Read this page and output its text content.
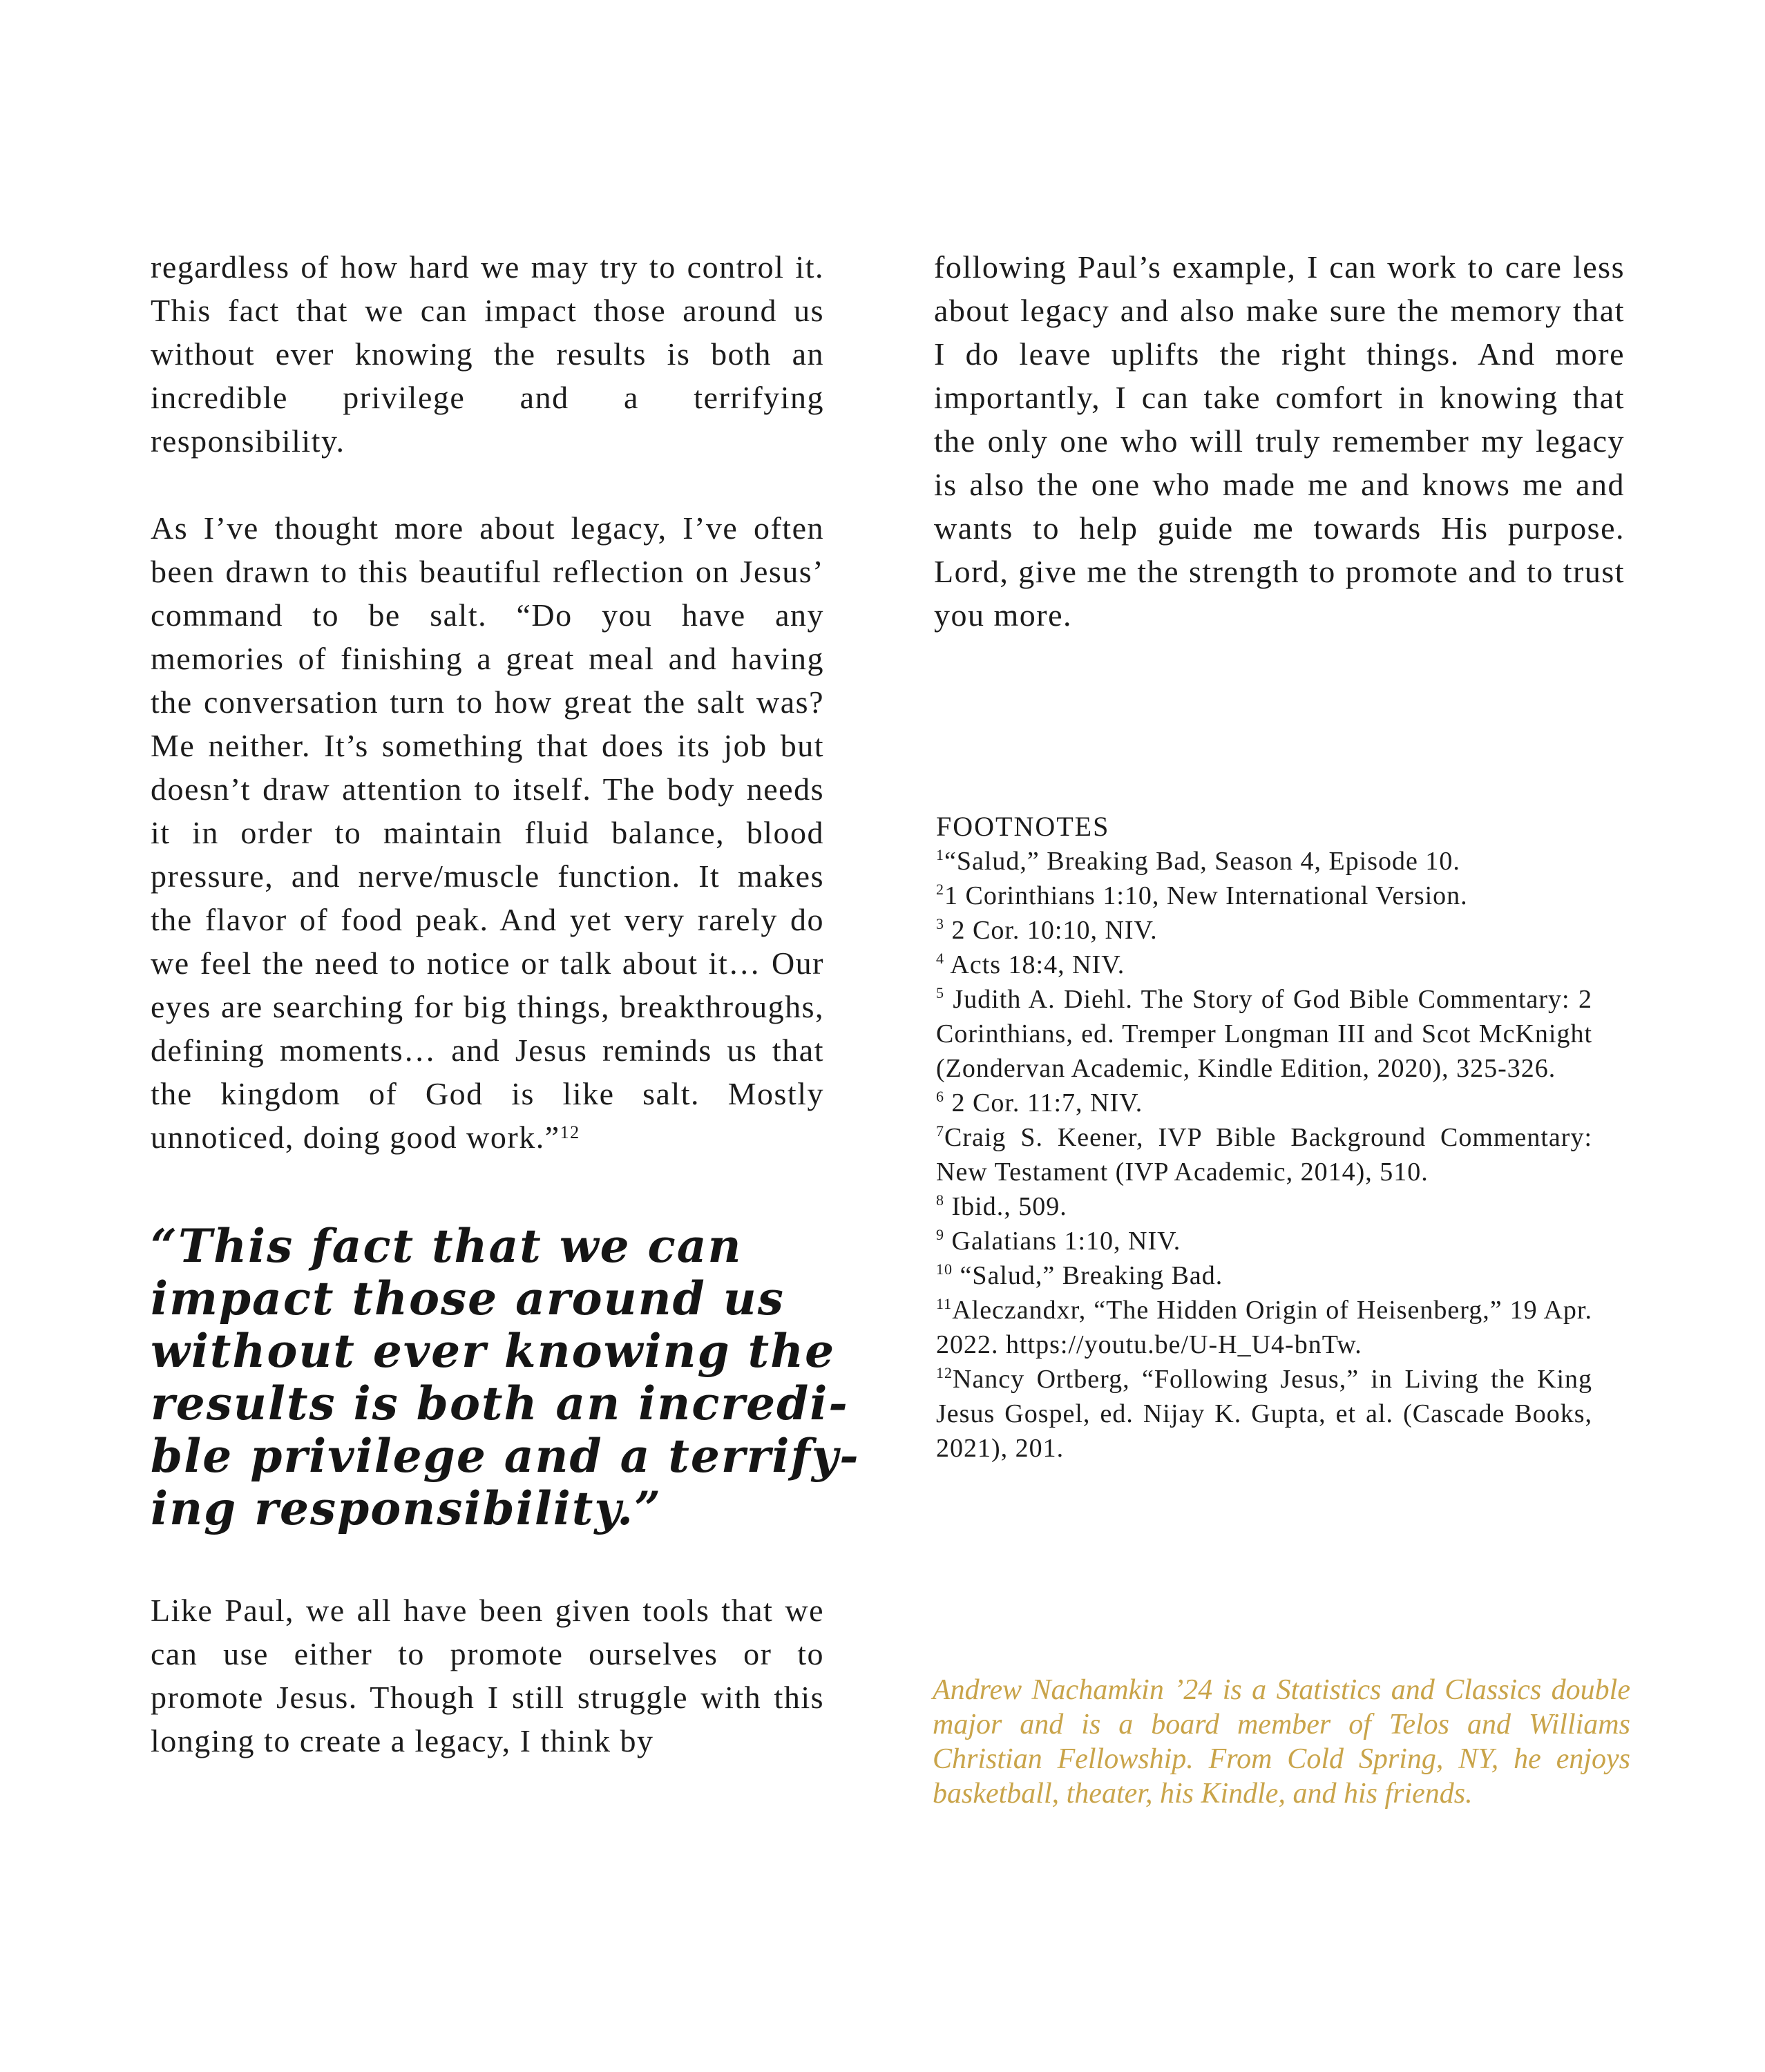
regardless of how hard we may try to control it. This fact that we can impact those around us without ever knowing the results is both an incredible privilege and a terrifying responsibility.

As I’ve thought more about legacy, I’ve often been drawn to this beautiful reflection on Jesus’ command to be salt. “Do you have any memories of finishing a great meal and having the conversation turn to how great the salt was? Me neither. It’s something that does its job but doesn’t draw attention to itself. The body needs it in order to maintain fluid balance, blood pressure, and nerve/muscle function. It makes the flavor of food peak. And yet very rarely do we feel the need to notice or talk about it… Our eyes are searching for big things, breakthroughs, defining moments… and Jesus reminds us that the kingdom of God is like salt. Mostly unnoticed, doing good work.”$^{12}$

“This fact that we can
impact those around us
without ever knowing the
results is both an incredi-
ble privilege and a terrify-
ing responsibility.”

Like Paul, we all have been given tools that we can use either to promote ourselves or to promote Jesus. Though I still struggle with this longing to create a legacy, I think by

following Paul’s example, I can work to care less about legacy and also make sure the memory that I do leave uplifts the right things. And more importantly, I can take comfort in knowing that the only one who will truly remember my legacy is also the one who made me and knows me and wants to help guide me towards His purpose. Lord, give me the strength to promote and to trust you more.

FOOTNOTES

$^1$“Salud,” Breaking Bad, Season 4, Episode 10.

$^2$1 Corinthians 1:10, New International Version.

$^3$ 2 Cor. 10:10, NIV.

$^4$ Acts 18:4, NIV.

$^5$ Judith A. Diehl. The Story of God Bible Commentary: 2 Corinthians, ed. Tremper Longman III and Scot McKnight (Zondervan Academic, Kindle Edition, 2020), 325-326.

$^6$ 2 Cor. 11:7, NIV.

$^7$Craig S. Keener, IVP Bible Background Commentary: New Testament (IVP Academic, 2014), 510.

$^8$ Ibid., 509.

$^9$ Galatians 1:10, NIV.

$^{10}$ “Salud,” Breaking Bad.

$^{11}$Aleczandxr, “The Hidden Origin of Heisenberg,” 19 Apr. 2022. https://youtu.be/U-H_U4-bnTw.

$^{12}$Nancy Ortberg, “Following Jesus,” in Living the King Jesus Gospel, ed. Nijay K. Gupta, et al. (Cascade Books, 2021), 201.

Andrew Nachamkin ’24 is a Statistics and Classics double major and is a board member of Telos and Williams Christian Fellowship. From Cold Spring, NY, he enjoys basketball, theater, his Kindle, and his friends.
